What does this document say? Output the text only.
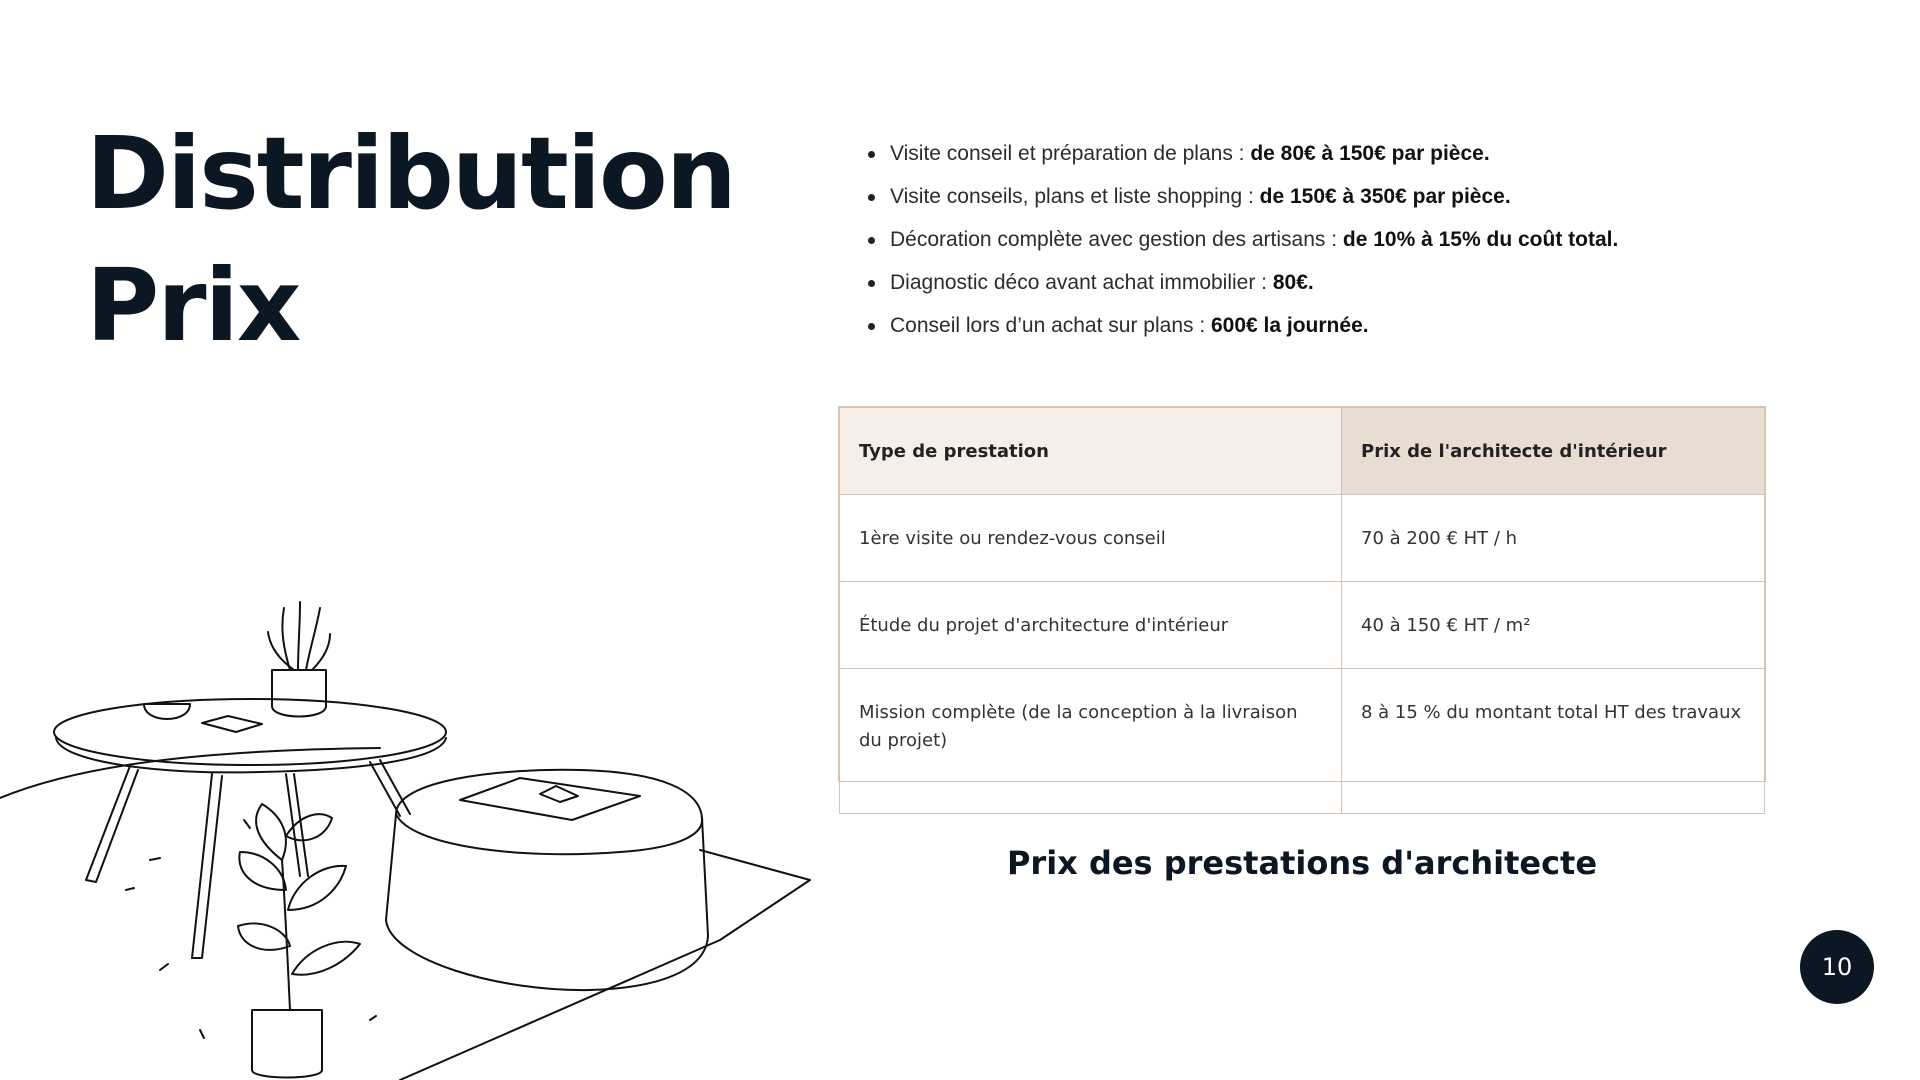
Distribution
Prix
Visite conseil et préparation de plans : de 80€ à 150€ par pièce.
Visite conseils, plans et liste shopping : de 150€ à 350€ par pièce.
Décoration complète avec gestion des artisans : de 10% à 15% du coût total.
Diagnostic déco avant achat immobilier : 80€.
Conseil lors d’un achat sur plans : 600€ la journée.
Type de prestation	Prix de l'architecte d'intérieur
1ère visite ou rendez-vous conseil	70 à 200 € HT / h
Étude du projet d'architecture d'intérieur	40 à 150 € HT / m²
Mission complète (de la conception à la livraison du projet)	8 à 15 % du montant total HT des travaux
Prix des prestations d'architecte
10
